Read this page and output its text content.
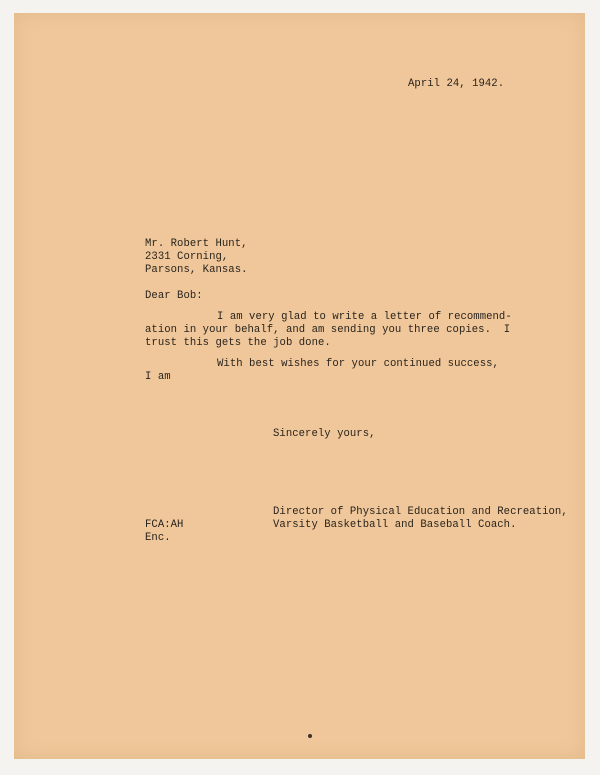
April 24, 1942.
Mr. Robert Hunt,
2331 Corning,
Parsons, Kansas.
Dear Bob:
I am very glad to write a letter of recommend-
ation in your behalf, and am sending you three copies.  I
trust this gets the job done.
With best wishes for your continued success,
I am
Sincerely yours,
Director of Physical Education and Recreation,
Varsity Basketball and Baseball Coach.
FCA:AH
Enc.
